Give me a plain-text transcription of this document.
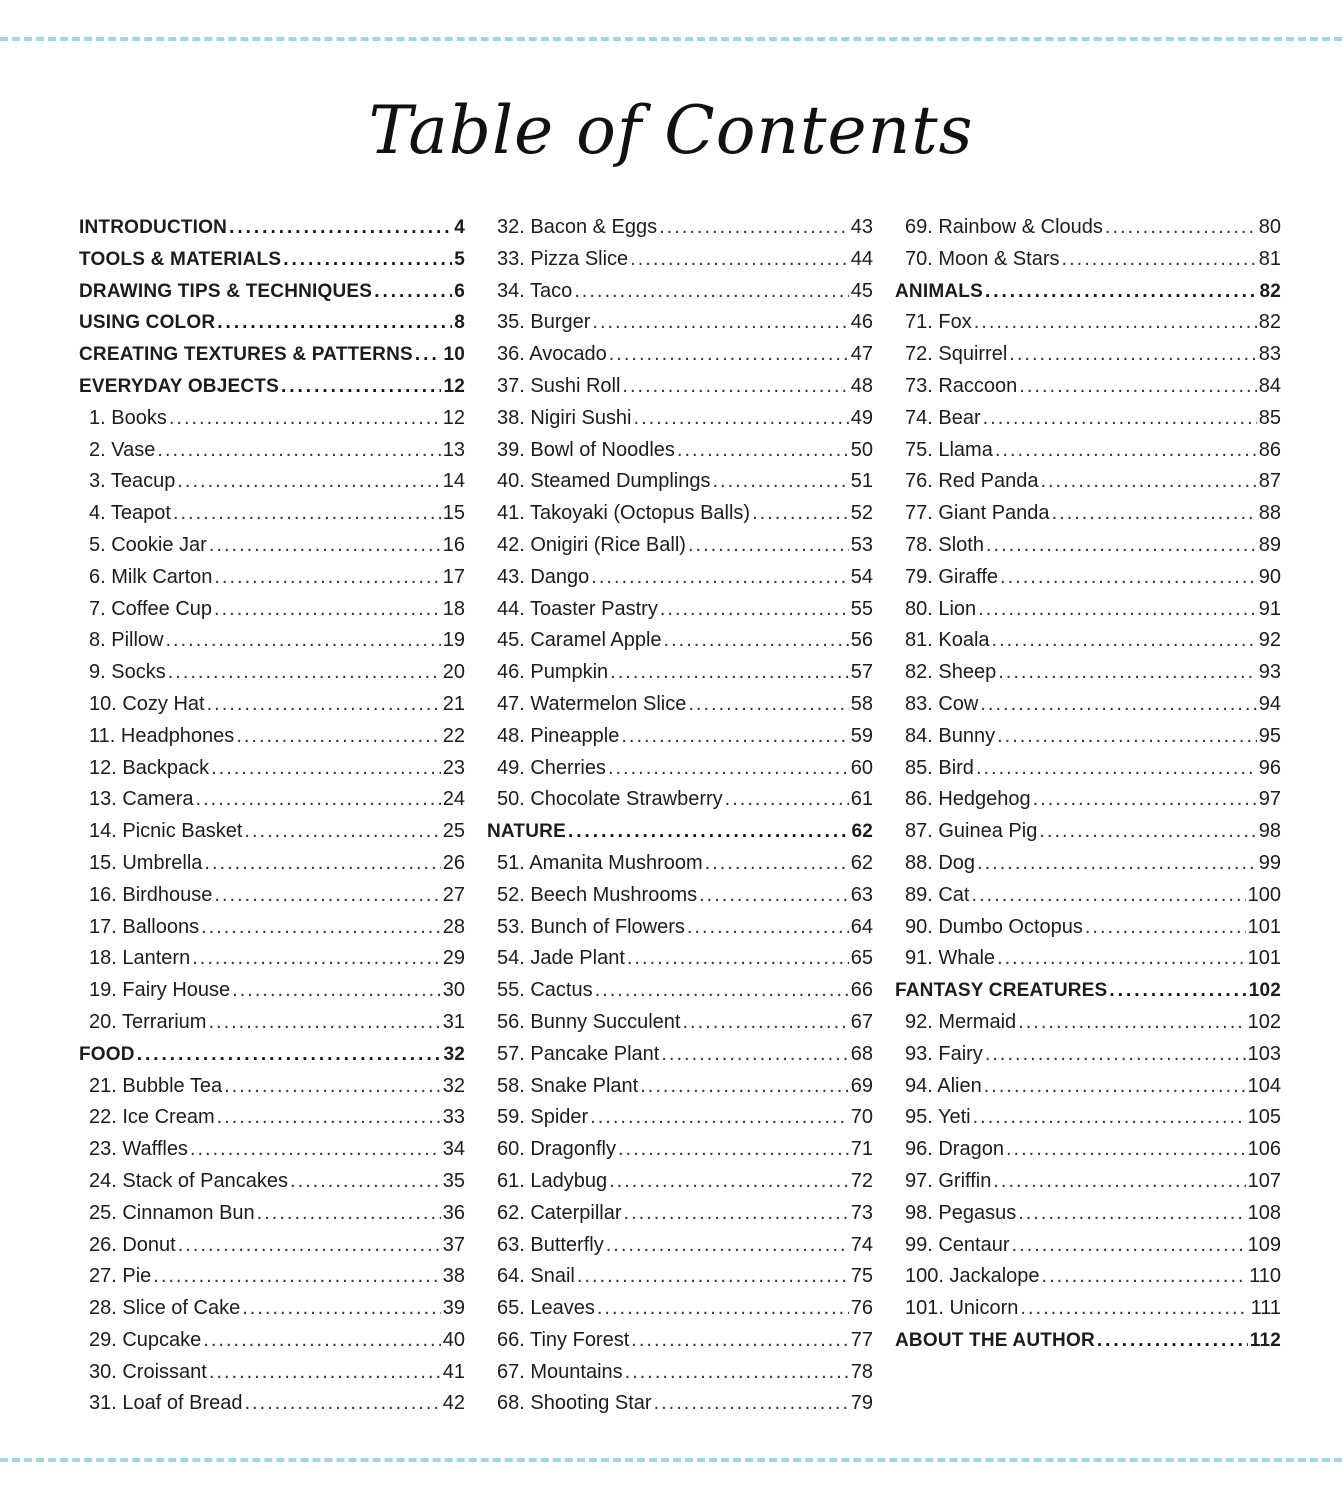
Table of Contents
INTRODUCTION .....	4
TOOLS & MATERIALS .....	5
DRAWING TIPS & TECHNIQUES .....	6
USING COLOR .....	8
CREATING TEXTURES & PATTERNS ..... 10
EVERYDAY OBJECTS .....	12
1. Books .....	12
2. Vase .....	13
3. Teacup .....	14
4. Teapot .....	15
5. Cookie Jar .....	16
6. Milk Carton .....	17
7. Coffee Cup .....	18
8. Pillow .....	19
9. Socks .....	20
10. Cozy Hat .....	21
11. Headphones .....	22
12. Backpack .....	23
13. Camera .....	24
14. Picnic Basket .....	25
15. Umbrella .....	26
16. Birdhouse .....	27
17. Balloons .....	28
18. Lantern .....	29
19. Fairy House .....	30
20. Terrarium .....	31
FOOD .....	32
21. Bubble Tea .....	32
22. Ice Cream .....	33
23. Waffles .....	34
24. Stack of Pancakes .....	35
25. Cinnamon Bun .....	36
26. Donut .....	37
27. Pie .....	38
28. Slice of Cake .....	39
29. Cupcake .....	40
30. Croissant .....	41
31. Loaf of Bread .....	42
32. Bacon & Eggs .....	43
33. Pizza Slice .....	44
34. Taco .....	45
35. Burger .....	46
36. Avocado .....	47
37. Sushi Roll .....	48
38. Nigiri Sushi .....	49
39. Bowl of Noodles .....	50
40. Steamed Dumplings .....	51
41. Takoyaki (Octopus Balls) .....	52
42. Onigiri (Rice Ball) .....	53
43. Dango .....	54
44. Toaster Pastry .....	55
45. Caramel Apple .....	56
46. Pumpkin .....	57
47. Watermelon Slice .....	58
48. Pineapple .....	59
49. Cherries .....	60
50. Chocolate Strawberry .....	61
NATURE .....	62
51. Amanita Mushroom .....	62
52. Beech Mushrooms .....	63
53. Bunch of Flowers .....	64
54. Jade Plant .....	65
55. Cactus .....	66
56. Bunny Succulent .....	67
57. Pancake Plant .....	68
58. Snake Plant .....	69
59. Spider .....	70
60. Dragonfly .....	71
61. Ladybug .....	72
62. Caterpillar .....	73
63. Butterfly .....	74
64. Snail .....	75
65. Leaves .....	76
66. Tiny Forest .....	77
67. Mountains .....	78
68. Shooting Star .....	79
69. Rainbow & Clouds .....	80
70. Moon & Stars .....	81
ANIMALS .....	82
71. Fox .....	82
72. Squirrel .....	83
73. Raccoon .....	84
74. Bear .....	85
75. Llama .....	86
76. Red Panda .....	87
77. Giant Panda .....	88
78. Sloth .....	89
79. Giraffe .....	90
80. Lion .....	91
81. Koala .....	92
82. Sheep .....	93
83. Cow .....	94
84. Bunny .....	95
85. Bird .....	96
86. Hedgehog .....	97
87. Guinea Pig .....	98
88. Dog .....	99
89. Cat .....	100
90. Dumbo Octopus .....	101
91. Whale .....	101
FANTASY CREATURES .....	102
92. Mermaid .....	102
93. Fairy .....	103
94. Alien .....	104
95. Yeti .....	105
96. Dragon .....	106
97. Griffin .....	107
98. Pegasus .....	108
99. Centaur .....	109
100. Jackalope .....	110
101. Unicorn .....	111
ABOUT THE AUTHOR .....	112
